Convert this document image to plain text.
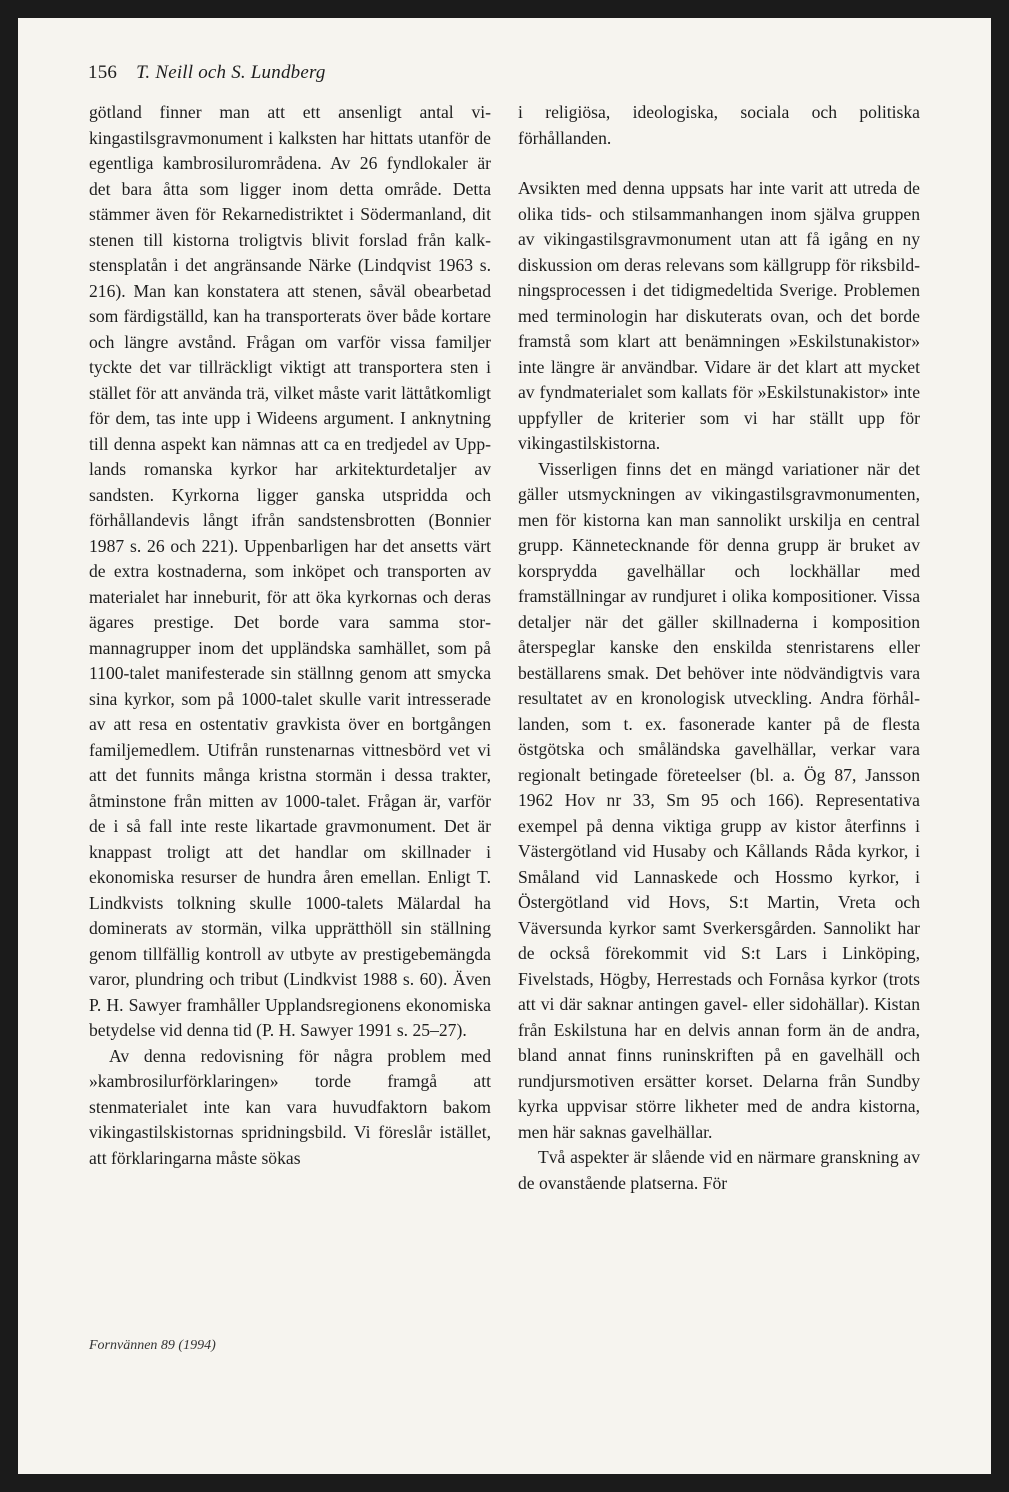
156 T. Neill och S. Lundberg

götland finner man att ett ansenligt antal vikingastilsgravmonument i kalksten har hittats utanför de egentliga kambrosilurområdena. Av 26 fyndlokaler är det bara åtta som ligger inom detta område. Detta stämmer även för Rekarnedistriktet i Södermanland, dit stenen till kistorna troligtvis blivit forslad från kalkstensplatån i det angränsande Närke (Lindqvist 1963 s. 216). Man kan konstatera att stenen, såväl obearbetad som färdigställd, kan ha transporterats över både kortare och längre avstånd. Frågan om varför vissa familjer tyckte det var tillräckligt viktigt att transportera sten i stället för att använda trä, vilket måste varit lättåtkomligt för dem, tas inte upp i Wideens argument. I anknytning till denna aspekt kan nämnas att ca en tredjedel av Upplands romanska kyrkor har arkitekturdetaljer av sandsten. Kyrkorna ligger ganska utspridda och förhållandevis långt ifrån sandstensbrotten (Bonnier 1987 s. 26 och 221). Uppenbarligen har det ansetts värt de extra kostnaderna, som inköpet och transporten av materialet har inneburit, för att öka kyrkornas och deras ägares prestige. Det borde vara samma stormannagrupper inom det uppländska samhället, som på 1100-talet manifesterade sin ställnng genom att smycka sina kyrkor, som på 1000-talet skulle varit intresserade av att resa en ostentativ gravkista över en bortgången familjemedlem. Utifrån runstenarnas vittnesbörd vet vi att det funnits många kristna stormän i dessa trakter, åtminstone från mitten av 1000-talet. Frågan är, varför de i så fall inte reste likartade gravmonument. Det är knappast troligt att det handlar om skillnader i ekonomiska resurser de hundra åren emellan. Enligt T. Lindkvists tolkning skulle 1000-talets Mälardal ha dominerats av stormän, vilka upprätthöll sin ställning genom tillfällig kontroll av utbyte av prestigebemängda varor, plundring och tribut (Lindkvist 1988 s. 60). Även P. H. Sawyer framhåller Upplandsregionens ekonomiska betydelse vid denna tid (P. H. Sawyer 1991 s. 25–27).

Av denna redovisning för några problem med »kambrosilurförklaringen» torde framgå att stenmaterialet inte kan vara huvudfaktorn bakom vikingastilskistornas spridningsbild. Vi föreslår istället, att förklaringarna måste sökas

i religiösa, ideologiska, sociala och politiska förhållanden.

Avsikten med denna uppsats har inte varit att utreda de olika tids- och stilsammanhangen inom själva gruppen av vikingastilsgravmonument utan att få igång en ny diskussion om deras relevans som källgrupp för riksbildningsprocessen i det tidigmedeltida Sverige. Problemen med terminologin har diskuterats ovan, och det borde framstå som klart att benämningen »Eskilstunakistor» inte längre är användbar. Vidare är det klart att mycket av fyndmaterialet som kallats för »Eskilstunakistor» inte uppfyller de kriterier som vi har ställt upp för vikingastilskistorna.

Visserligen finns det en mängd variationer när det gäller utsmyckningen av vikingastilsgravmonumenten, men för kistorna kan man sannolikt urskilja en central grupp. Kännetecknande för denna grupp är bruket av korsprydda gavelhällar och lockhällar med framställningar av rundjuret i olika kompositioner. Vissa detaljer när det gäller skillnaderna i komposition återspeglar kanske den enskilda stenristarens eller beställarens smak. Det behöver inte nödvändigtvis vara resultatet av en kronologisk utveckling. Andra förhållanden, som t. ex. fasonerade kanter på de flesta östgötska och småländska gavelhällar, verkar vara regionalt betingade företeelser (bl. a. Ög 87, Jansson 1962 Hov nr 33, Sm 95 och 166). Representativa exempel på denna viktiga grupp av kistor återfinns i Västergötland vid Husaby och Kållands Råda kyrkor, i Småland vid Lannaskede och Hossmo kyrkor, i Östergötland vid Hovs, S:t Martin, Vreta och Väversunda kyrkor samt Sverkersgården. Sannolikt har de också förekommit vid S:t Lars i Linköping, Fivelstads, Högby, Herrestads och Fornåsa kyrkor (trots att vi där saknar antingen gavel- eller sidohällar). Kistan från Eskilstuna har en delvis annan form än de andra, bland annat finns runinskriften på en gavelhäll och rundjursmotiven ersätter korset. Delarna från Sundby kyrka uppvisar större likheter med de andra kistorna, men här saknas gavelhällar.

Två aspekter är slående vid en närmare granskning av de ovanstående platserna. För

Fornvännen 89 (1994)
